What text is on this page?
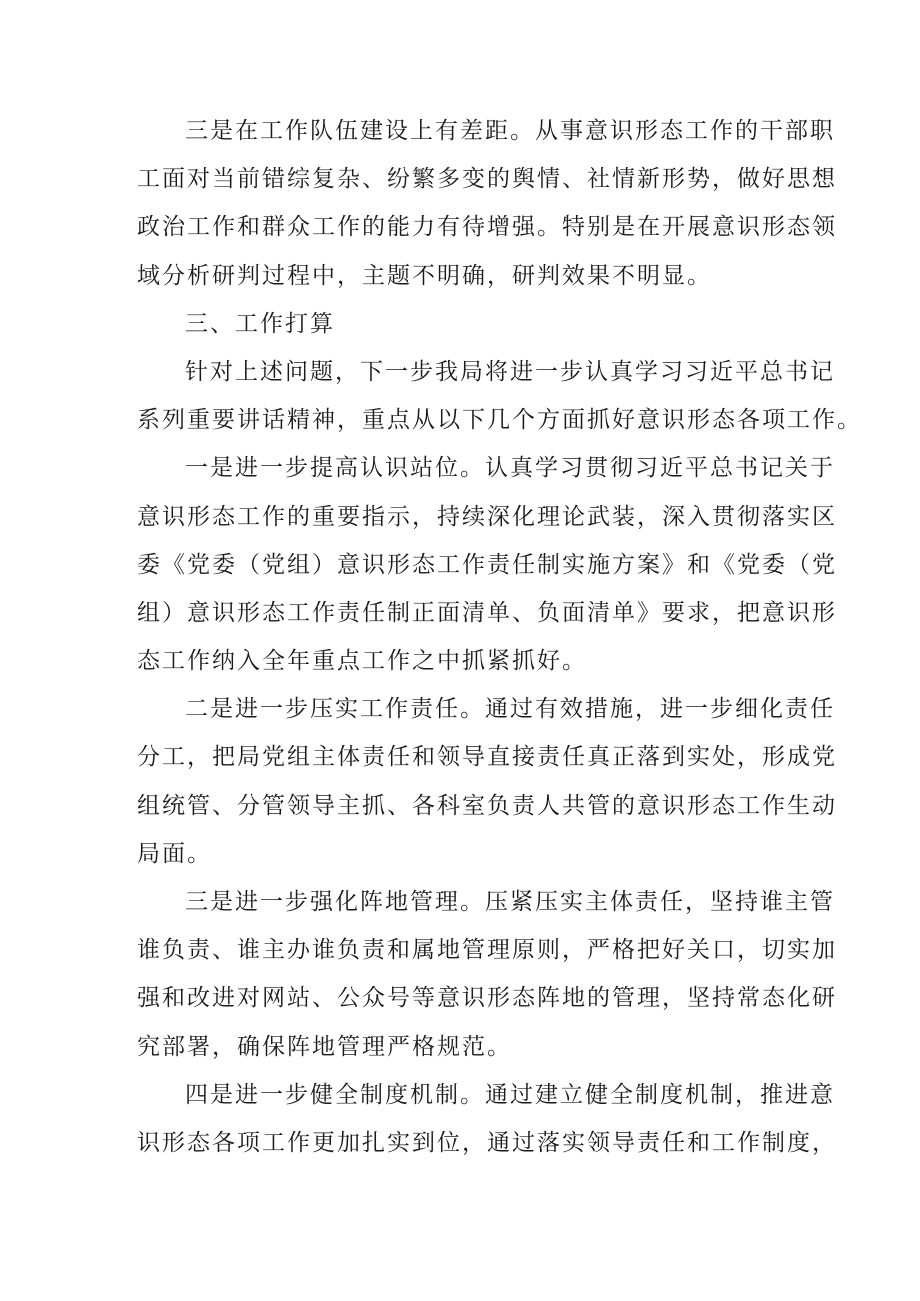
三是在工作队伍建设上有差距。从事意识形态工作的干部职
工面对当前错综复杂、纷繁多变的舆情、社情新形势，做好思想
政治工作和群众工作的能力有待增强。特别是在开展意识形态领
域分析研判过程中，主题不明确，研判效果不明显。
三、工作打算
针对上述问题，下一步我局将进一步认真学习习近平总书记
系列重要讲话精神，重点从以下几个方面抓好意识形态各项工作。
一是进一步提高认识站位。认真学习贯彻习近平总书记关于
意识形态工作的重要指示，持续深化理论武装，深入贯彻落实区
委《党委（党组）意识形态工作责任制实施方案》和《党委（党
组）意识形态工作责任制正面清单、负面清单》要求，把意识形
态工作纳入全年重点工作之中抓紧抓好。
二是进一步压实工作责任。通过有效措施，进一步细化责任
分工，把局党组主体责任和领导直接责任真正落到实处，形成党
组统管、分管领导主抓、各科室负责人共管的意识形态工作生动
局面。
三是进一步强化阵地管理。压紧压实主体责任，坚持谁主管
谁负责、谁主办谁负责和属地管理原则，严格把好关口，切实加
强和改进对网站、公众号等意识形态阵地的管理，坚持常态化研
究部署，确保阵地管理严格规范。
四是进一步健全制度机制。通过建立健全制度机制，推进意
识形态各项工作更加扎实到位，通过落实领导责任和工作制度，
